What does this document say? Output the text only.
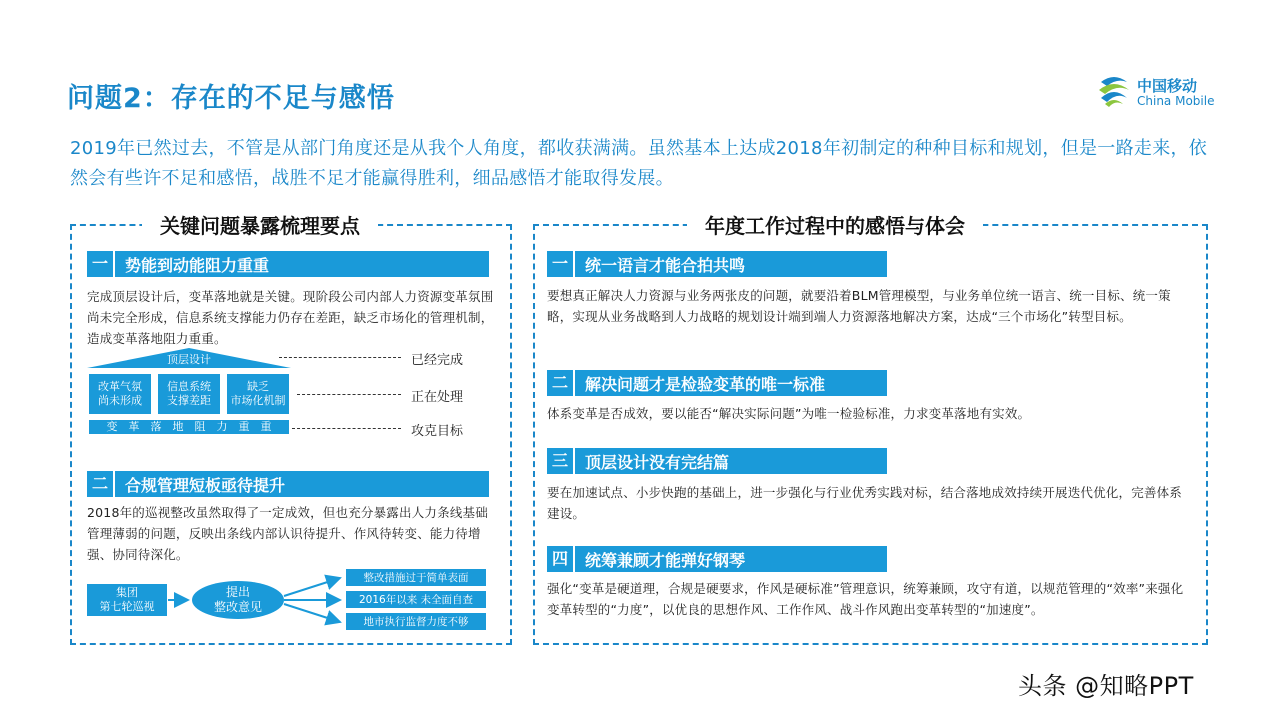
问题2：存在的不足与感悟	中国移动
China Mobile
2019年已然过去，不管是从部门角度还是从我个人角度，都收获满满。虽然基本上达成2018年初制定的种种目标和规划，但是一路走来，依然会有些许不足和感悟，战胜不足才能赢得胜利，细品感悟才能取得发展。
关键问题暴露梳理要点
一	势能到动能阻力重重
完成顶层设计后，变革落地就是关键。现阶段公司内部人力资源变革氛围尚未完全形成，信息系统支撑能力仍存在差距，缺乏市场化的管理机制，造成变革落地阻力重重。
顶层设计
改革气氛
尚未形成
信息系统
支撑差距
缺乏
市场化机制
变　革　落　地　阻　力　重　重
已经完成
正在处理
攻克目标
二	合规管理短板亟待提升
2018年的巡视整改虽然取得了一定成效，但也充分暴露出人力条线基础管理薄弱的问题，反映出条线内部认识待提升、作风待转变、能力待增强、协同待深化。
集团
第七轮巡视
提出
整改意见
整改措施过于简单表面
2016年以来 未全面自查
地市执行监督力度不够
年度工作过程中的感悟与体会
一	统一语言才能合拍共鸣
要想真正解决人力资源与业务两张皮的问题，就要沿着BLM管理模型，与业务单位统一语言、统一目标、统一策略，实现从业务战略到人力战略的规划设计端到端人力资源落地解决方案，达成“三个市场化”转型目标。
二	解决问题才是检验变革的唯一标准
体系变革是否成效，要以能否“解决实际问题”为唯一检验标准，力求变革落地有实效。
三	顶层设计没有完结篇
要在加速试点、小步快跑的基础上，进一步强化与行业优秀实践对标，结合落地成效持续开展迭代优化，完善体系建设。
四	统筹兼顾才能弹好钢琴
强化“变革是硬道理，合规是硬要求，作风是硬标准”管理意识，统筹兼顾，攻守有道，以规范管理的“效率”来强化变革转型的“力度”，以优良的思想作风、工作作风、战斗作风跑出变革转型的“加速度”。
头条 @知略PPT
